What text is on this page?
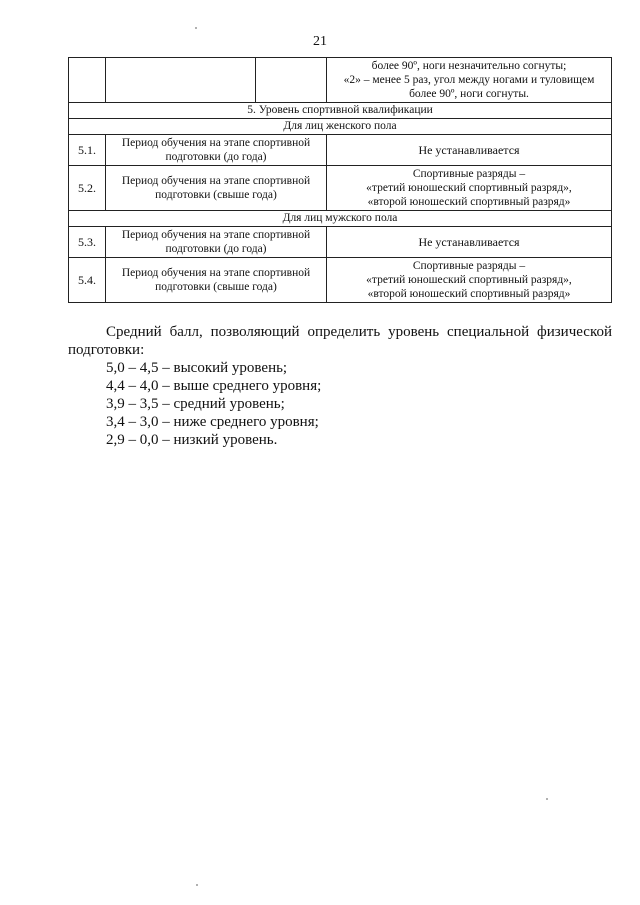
21

			более 90º, ноги незначительно согнуты;
«2» – менее 5 раз, угол между ногами и туловищем
более 90º, ноги согнуты.

5. Уровень спортивной квалификации			
Для лиц женского пола			
5.1.	Период обучения на этапе спортивной
подготовки (до года)		Не устанавливается

5.2.	Период обучения на этапе спортивной
подготовки (свыше года)		Спортивные разряды –
«третий юношеский спортивный разряд»,
«второй юношеский спортивный разряд»

Для лиц мужского пола			
5.3.	Период обучения на этапе спортивной
подготовки (до года)		Не устанавливается

5.4.	Период обучения на этапе спортивной
подготовки (свыше года)		Спортивные разряды –
«третий юношеский спортивный разряд»,
«второй юношеский спортивный разряд»
Средний балл, позволяющий определить уровень специальной физической
подготовки:
5,0 – 4,5 – высокий уровень;
4,4 – 4,0 – выше среднего уровня;
3,9 – 3,5 – средний уровень;
3,4 – 3,0 – ниже среднего уровня;
2,9 – 0,0 – низкий уровень.
